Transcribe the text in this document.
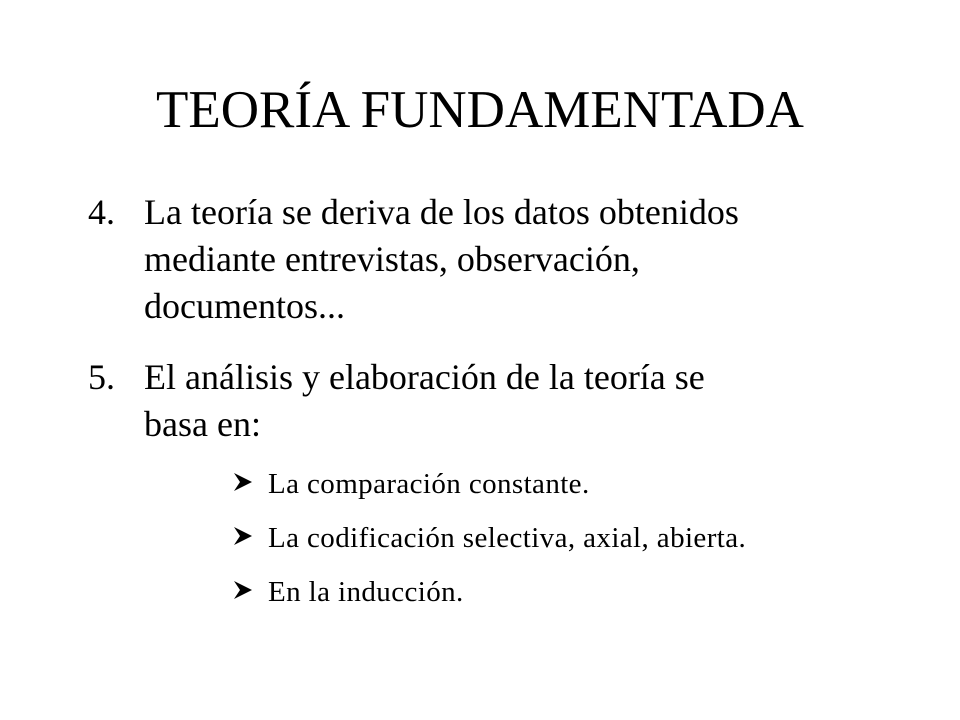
TEORÍA FUNDAMENTADA
4. La teoría se deriva de los datos obtenidos
mediante entrevistas, observación,
documentos...
5. El análisis y elaboración de la teoría se
basa en:
La comparación constante.
La codificación selectiva, axial, abierta.
En la inducción.
